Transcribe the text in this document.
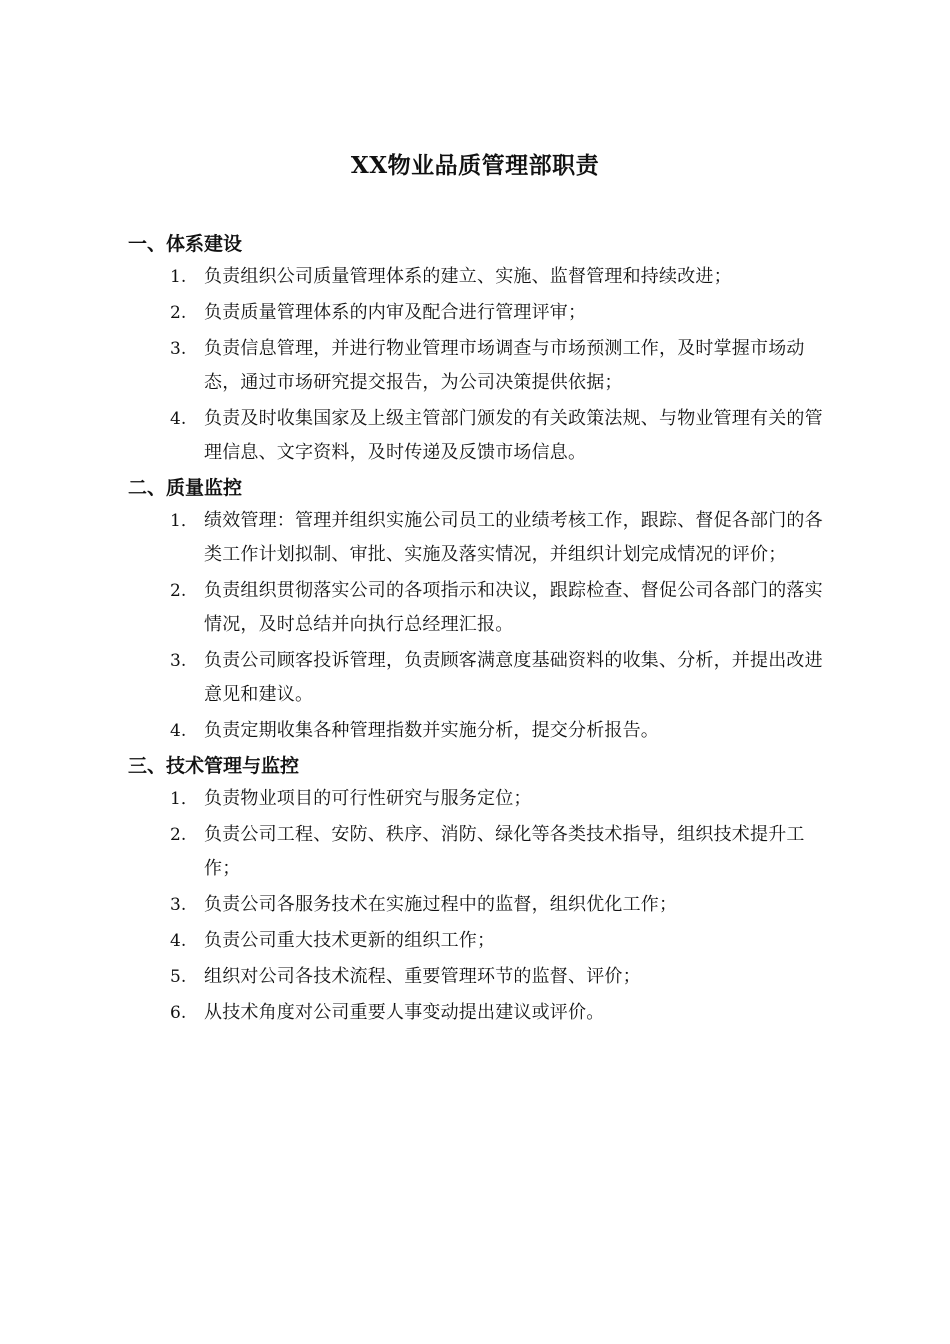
XX物业品质管理部职责
一、体系建设
1. 负责组织公司质量管理体系的建立、实施、监督管理和持续改进；
2. 负责质量管理体系的内审及配合进行管理评审；
3. 负责信息管理，并进行物业管理市场调查与市场预测工作，及时掌握市场动态，通过市场研究提交报告，为公司决策提供依据；
4. 负责及时收集国家及上级主管部门颁发的有关政策法规、与物业管理有关的管理信息、文字资料，及时传递及反馈市场信息。
二、质量监控
1． 绩效管理：管理并组织实施公司员工的业绩考核工作，跟踪、督促各部门的各类工作计划拟制、审批、实施及落实情况，并组织计划完成情况的评价；
2. 负责组织贯彻落实公司的各项指示和决议，跟踪检查、督促公司各部门的落实情况，及时总结并向执行总经理汇报。
3. 负责公司顾客投诉管理，负责顾客满意度基础资料的收集、分析，并提出改进意见和建议。
4. 负责定期收集各种管理指数并实施分析，提交分析报告。
三、技术管理与监控
1． 负责物业项目的可行性研究与服务定位；
2. 负责公司工程、安防、秩序、消防、绿化等各类技术指导，组织技术提升工作；
3. 负责公司各服务技术在实施过程中的监督，组织优化工作；
4. 负责公司重大技术更新的组织工作；
5. 组织对公司各技术流程、重要管理环节的监督、评价；
6. 从技术角度对公司重要人事变动提出建议或评价。
